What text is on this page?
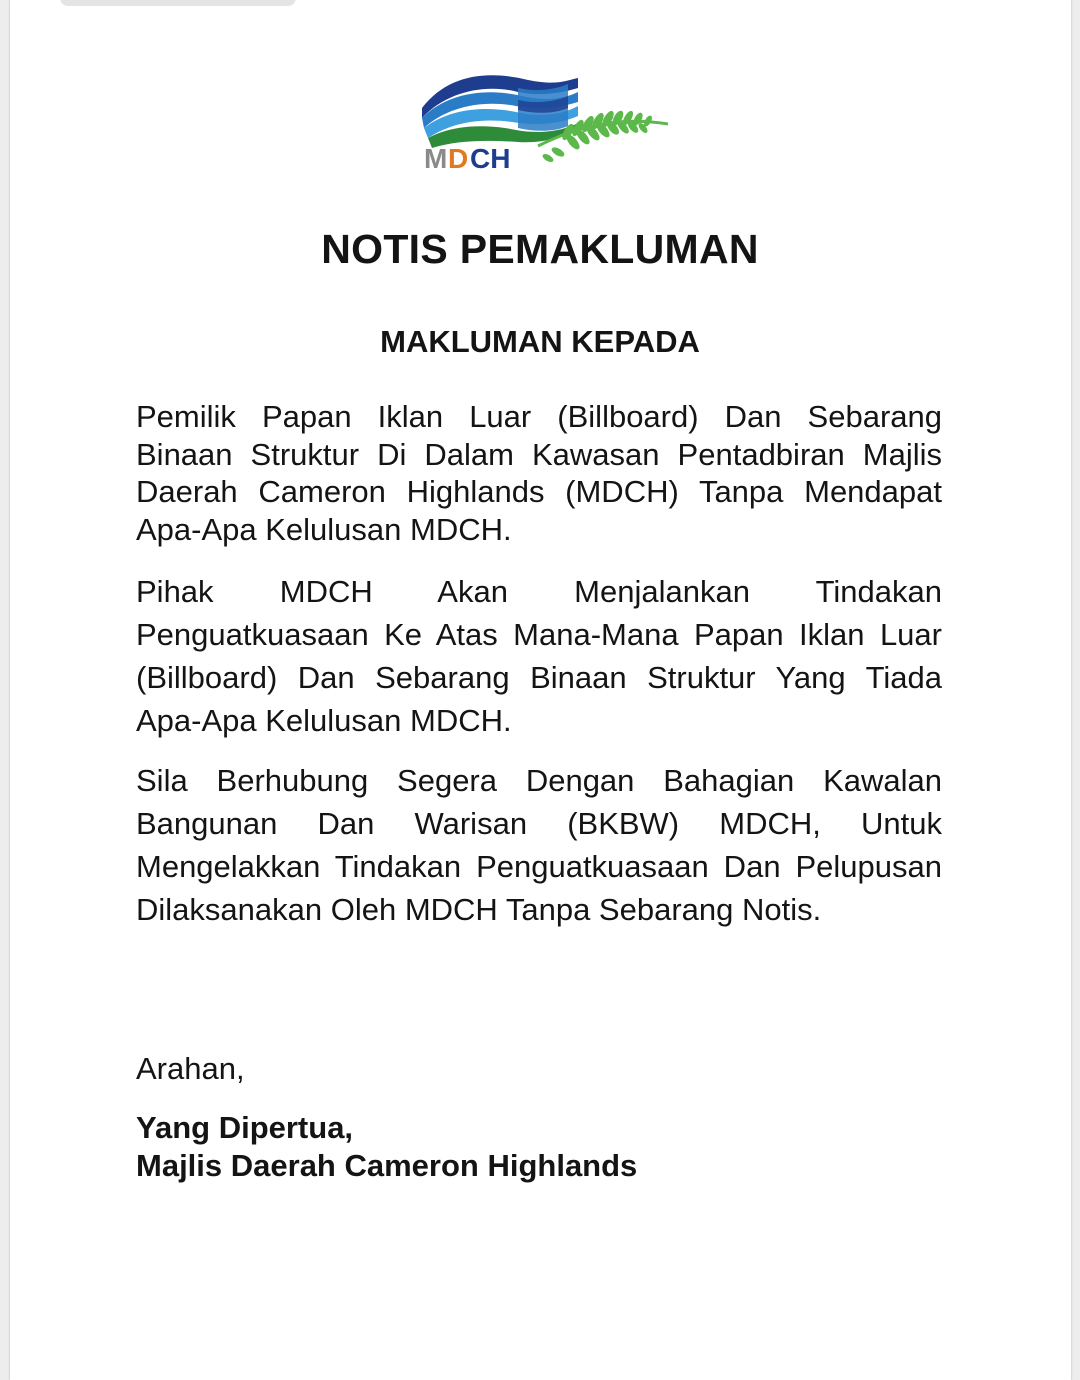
M D CH
NOTIS PEMAKLUMAN
MAKLUMAN KEPADA

Pemilik Papan Iklan Luar (Billboard) Dan Sebarang Binaan Struktur Di Dalam Kawasan Pentadbiran Majlis Daerah Cameron Highlands (MDCH) Tanpa Mendapat Apa-Apa Kelulusan MDCH.

Pihak MDCH Akan Menjalankan Tindakan Penguatkuasaan Ke Atas Mana-Mana Papan Iklan Luar (Billboard) Dan Sebarang Binaan Struktur Yang Tiada Apa-Apa Kelulusan MDCH.

Sila Berhubung Segera Dengan Bahagian Kawalan Bangunan Dan Warisan (BKBW) MDCH, Untuk Mengelakkan Tindakan Penguatkuasaan Dan Pelupusan Dilaksanakan Oleh MDCH Tanpa Sebarang Notis.

Arahan,

Yang Dipertua,

Majlis Daerah Cameron Highlands
